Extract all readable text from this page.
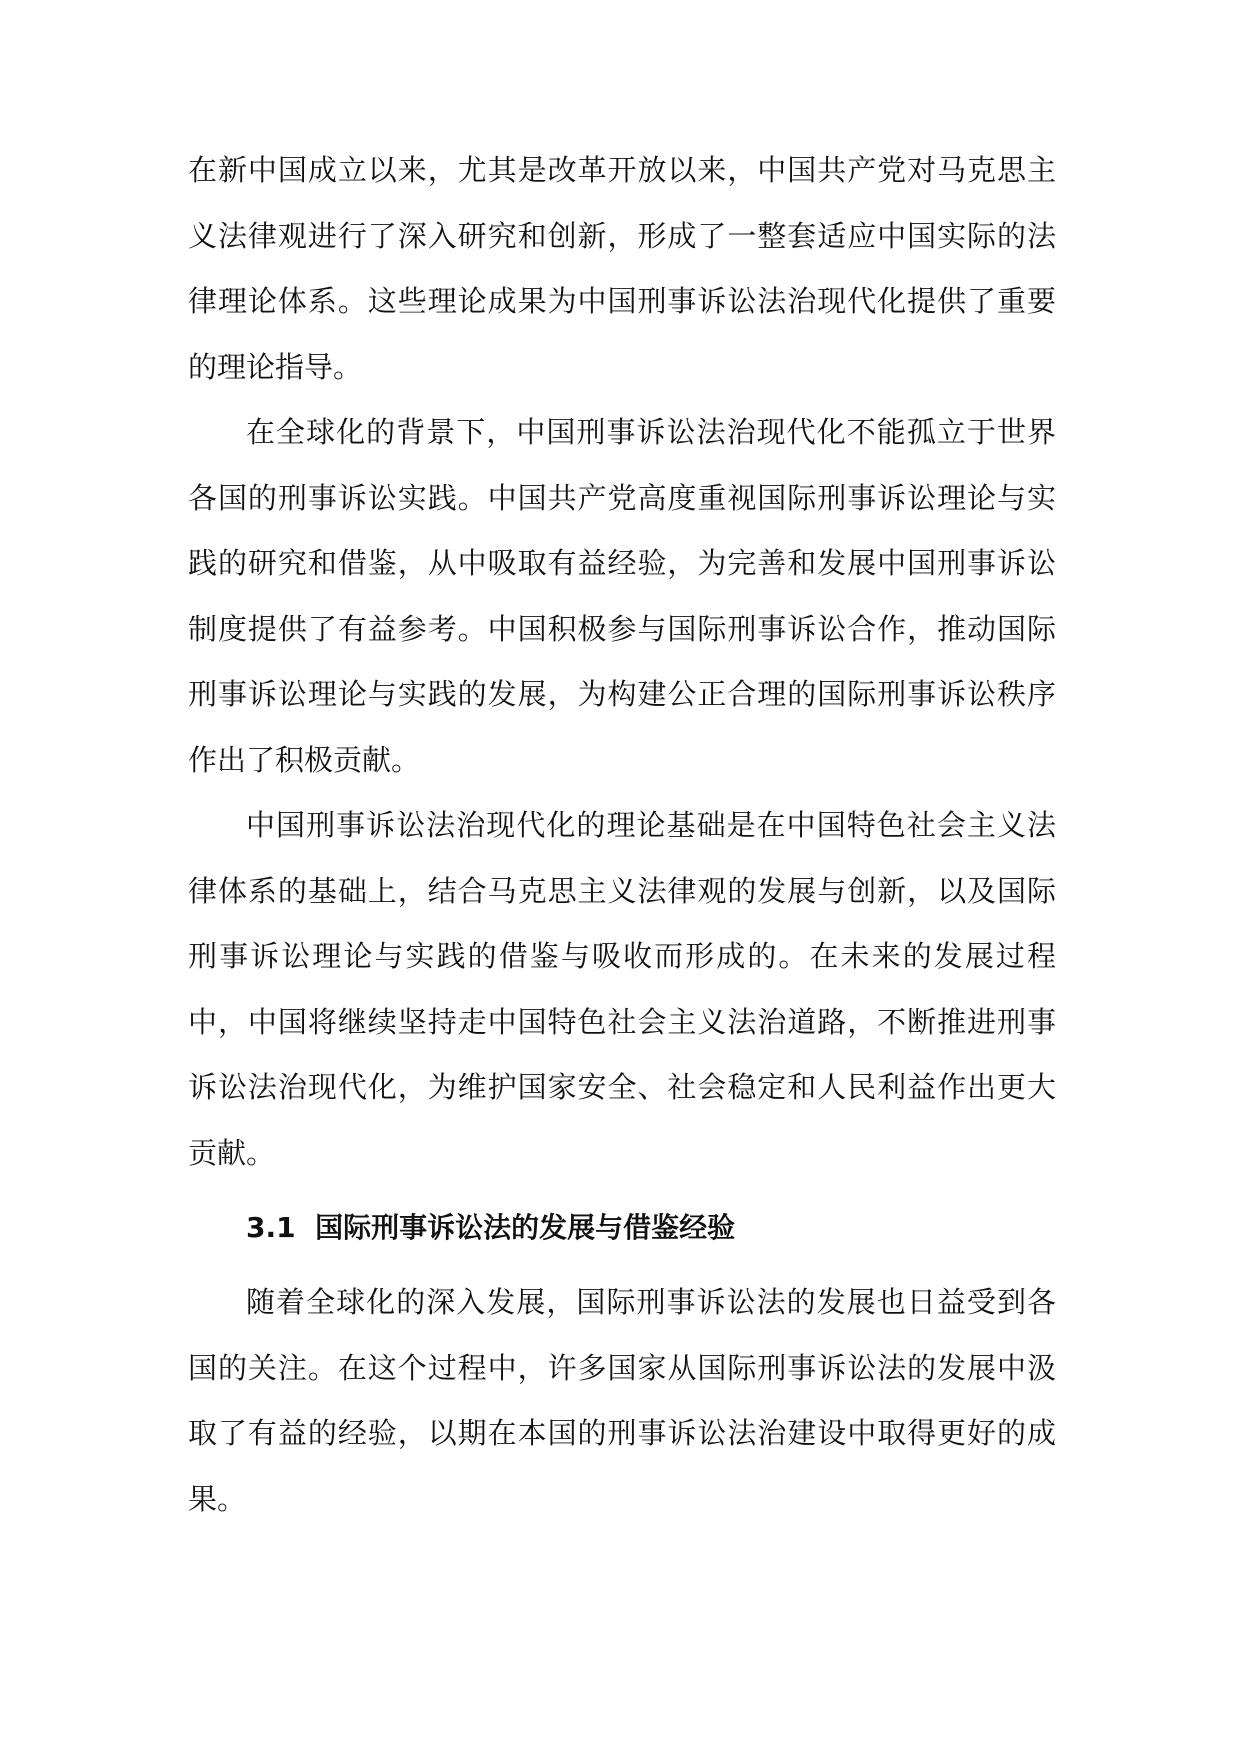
在新中国成立以来，尤其是改革开放以来，中国共产党对马克思主义法律观进行了深入研究和创新，形成了一整套适应中国实际的法律理论体系。这些理论成果为中国刑事诉讼法治现代化提供了重要的理论指导。

在全球化的背景下，中国刑事诉讼法治现代化不能孤立于世界各国的刑事诉讼实践。中国共产党高度重视国际刑事诉讼理论与实践的研究和借鉴，从中吸取有益经验，为完善和发展中国刑事诉讼制度提供了有益参考。中国积极参与国际刑事诉讼合作，推动国际刑事诉讼理论与实践的发展，为构建公正合理的国际刑事诉讼秩序作出了积极贡献。

中国刑事诉讼法治现代化的理论基础是在中国特色社会主义法律体系的基础上，结合马克思主义法律观的发展与创新，以及国际刑事诉讼理论与实践的借鉴与吸收而形成的。在未来的发展过程中，中国将继续坚持走中国特色社会主义法治道路，不断推进刑事诉讼法治现代化，为维护国家安全、社会稳定和人民利益作出更大贡献。

3.1 国际刑事诉讼法的发展与借鉴经验

随着全球化的深入发展，国际刑事诉讼法的发展也日益受到各国的关注。在这个过程中，许多国家从国际刑事诉讼法的发展中汲取了有益的经验，以期在本国的刑事诉讼法治建设中取得更好的成果。
